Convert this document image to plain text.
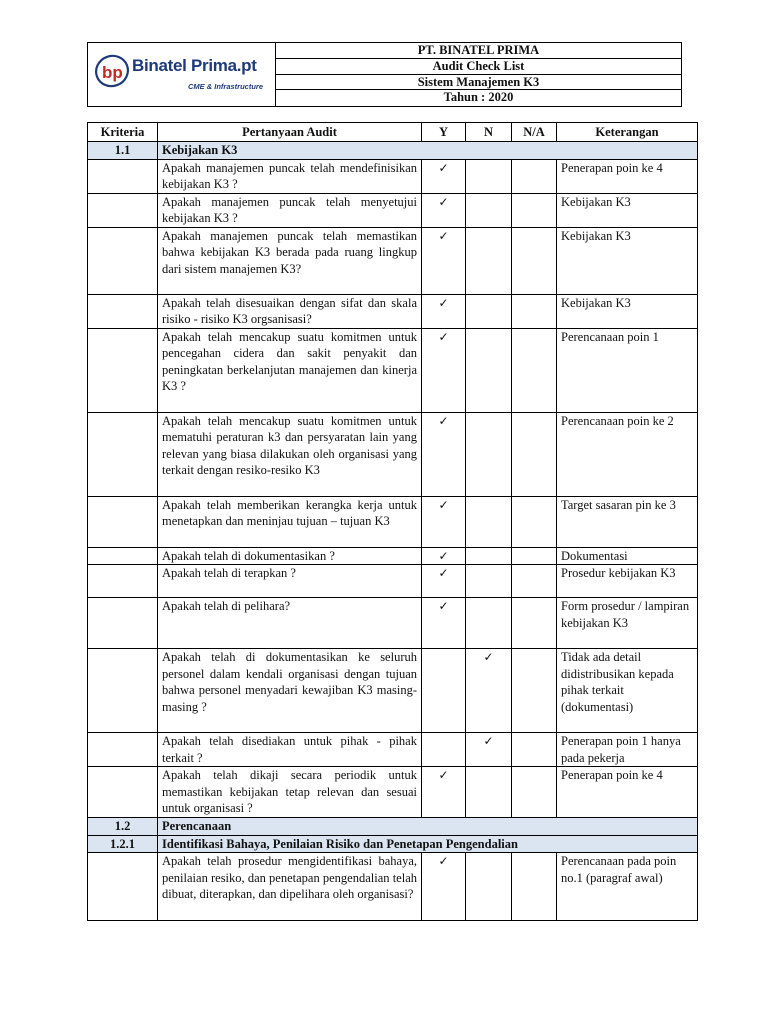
bp Binatel Prima.pt
CME & Infrastructure
PT. BINATEL PRIMA
Audit Check List
Sistem Manajemen K3
Tahun : 2020
Kriteria	Pertanyaan Audit	Y	N	N/A	Keterangan
1.1	Kebijakan K3				
	Apakah manajemen puncak telah mendefinisikan kebijakan K3 ?	✓			Penerapan poin ke 4
	Apakah manajemen puncak telah menyetujui kebijakan K3 ?	✓			Kebijakan K3
	Apakah manajemen puncak telah memastikan bahwa kebijakan K3 berada pada ruang lingkup dari sistem manajemen K3?	✓			Kebijakan K3
	Apakah telah disesuaikan dengan sifat dan skala risiko - risiko K3 orgsanisasi?	✓			Kebijakan K3
	Apakah telah mencakup suatu komitmen untuk pencegahan cidera dan sakit penyakit dan peningkatan berkelanjutan manajemen dan kinerja K3 ?	✓			Perencanaan poin 1
	Apakah telah mencakup suatu komitmen untuk mematuhi peraturan k3 dan persyaratan lain yang relevan yang biasa dilakukan oleh organisasi yang terkait dengan resiko-resiko K3	✓			Perencanaan poin ke 2
	Apakah telah memberikan kerangka kerja untuk menetapkan dan meninjau tujuan – tujuan K3	✓			Target sasaran pin ke 3
	Apakah telah di dokumentasikan ?	✓			Dokumentasi
	Apakah telah di terapkan ?	✓			Prosedur kebijakan K3
	Apakah telah di pelihara?	✓			Form prosedur / lampiran kebijakan K3
	Apakah telah di dokumentasikan ke seluruh personel dalam kendali organisasi dengan tujuan bahwa personel menyadari kewajiban K3 masing- masing ?		✓		Tidak ada detail didistribusikan kepada pihak terkait (dokumentasi)
	Apakah telah disediakan untuk pihak - pihak terkait ?		✓		Penerapan poin 1 hanya pada pekerja
	Apakah telah dikaji secara periodik untuk memastikan kebijakan tetap relevan dan sesuai untuk organisasi ?	✓			Penerapan poin ke 4
1.2	Perencanaan				
1.2.1	Identifikasi Bahaya, Penilaian Risiko dan Penetapan Pengendalian				
	Apakah telah prosedur mengidentifikasi bahaya, penilaian resiko, dan penetapan pengendalian telah dibuat, diterapkan, dan dipelihara oleh organisasi?	✓			Perencanaan pada poin no.1 (paragraf awal)
